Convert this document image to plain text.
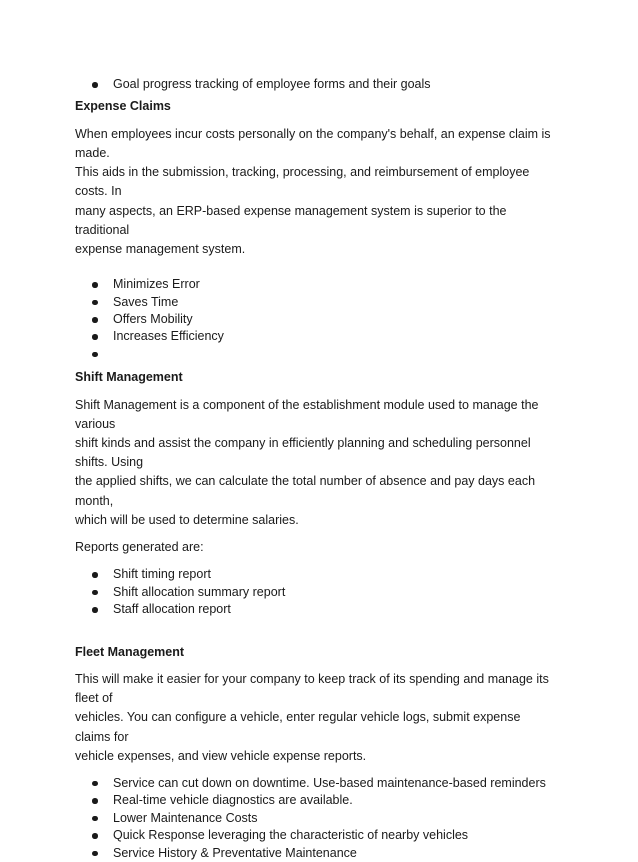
Goal progress tracking of employee forms and their goals
Expense Claims

When employees incur costs personally on the company's behalf, an expense claim is made.
This aids in the submission, tracking, processing, and reimbursement of employee costs. In
many aspects, an ERP-based expense management system is superior to the traditional
expense management system.

Minimizes Error
Saves Time
Offers Mobility
Increases Efficiency
Shift Management

Shift Management is a component of the establishment module used to manage the various
shift kinds and assist the company in efficiently planning and scheduling personnel shifts. Using
the applied shifts, we can calculate the total number of absence and pay days each month,
which will be used to determine salaries.

Reports generated are:

Shift timing report
Shift allocation summary report
Staff allocation report
Fleet Management

This will make it easier for your company to keep track of its spending and manage its fleet of
vehicles. You can configure a vehicle, enter regular vehicle logs, submit expense claims for
vehicle expenses, and view vehicle expense reports.

Service can cut down on downtime. Use-based maintenance-based reminders
Real-time vehicle diagnostics are available.
Lower Maintenance Costs
Quick Response leveraging the characteristic of nearby vehicles
Service History & Preventative Maintenance
